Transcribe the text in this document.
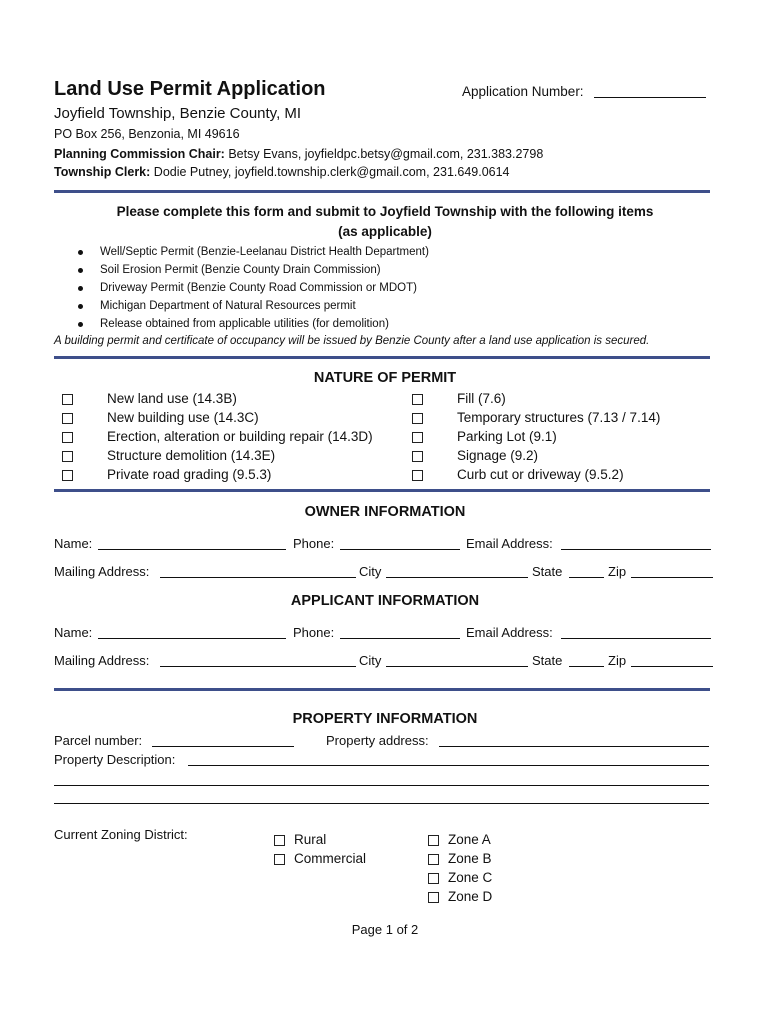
Land Use Permit Application	Application Number:
Joyfield Township, Benzie County, MI
PO Box 256, Benzonia, MI 49616
Planning Commission Chair: Betsy Evans, joyfieldpc.betsy@gmail.com, 231.383.2798
Township Clerk: Dodie Putney, joyfield.township.clerk@gmail.com, 231.649.0614
Please complete this form and submit to Joyfield Township with the following items
(as applicable)
Well/Septic Permit (Benzie-Leelanau District Health Department)
Soil Erosion Permit (Benzie County Drain Commission)
Driveway Permit (Benzie County Road Commission or MDOT)
Michigan Department of Natural Resources permit
Release obtained from applicable utilities (for demolition)
A building permit and certificate of occupancy will be issued by Benzie County after a land use application is secured.
NATURE OF PERMIT
New land use (14.3B)
New building use (14.3C)
Erection, alteration or building repair (14.3D)
Structure demolition (14.3E)
Private road grading (9.5.3)
Fill (7.6)
Temporary structures (7.13 / 7.14)
Parking Lot (9.1)
Signage (9.2)
Curb cut or driveway (9.5.2)
OWNER INFORMATION
Name:	Phone:	Email Address:
Mailing Address:	City	State	Zip
APPLICANT INFORMATION
Name:	Phone:	Email Address:
Mailing Address:	City	State	Zip
PROPERTY INFORMATION
Parcel number:	Property address:
Property Description:
Current Zoning District:	Rural
Commercial
Zone A
Zone B
Zone C
Zone D
Page 1 of 2
